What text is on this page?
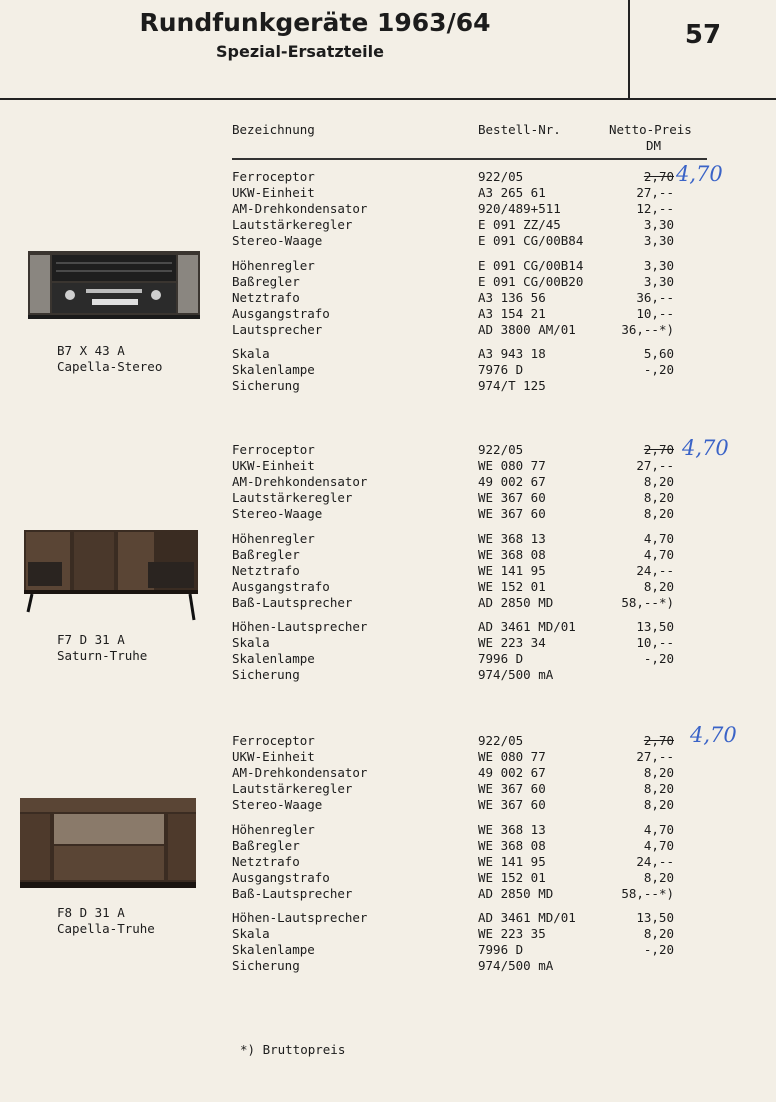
Rundfunkgeräte 1963/64
Spezial-Ersatzteile
57
Bezeichnung	Bestell-Nr.	Netto-Preis
DM
B7 X 43 A
Capella-Stereo
F7 D 31 A
Saturn-Truhe
F8 D 31 A
Capella-Truhe
4,70
4,70
4,70
Ferroceptor	922/05	2,70
UKW-Einheit	A3 265 61	27,--
AM-Drehkondensator	920/489+511	12,--
Lautstärkeregler	E 091 ZZ/45	3,30
Stereo-Waage	E 091 CG/00B84	3,30
Höhenregler	E 091 CG/00B14	3,30
Baßregler	E 091 CG/00B20	3,30
Netztrafo	A3 136 56	36,--
Ausgangstrafo	A3 154 21	10,--
Lautsprecher	AD 3800 AM/01	36,--*)
Skala	A3 943 18	5,60
Skalenlampe	7976 D	-,20
Sicherung	974/T 125
Ferroceptor	922/05	2,70
UKW-Einheit	WE 080 77	27,--
AM-Drehkondensator	49 002 67	8,20
Lautstärkeregler	WE 367 60	8,20
Stereo-Waage	WE 367 60	8,20
Höhenregler	WE 368 13	4,70
Baßregler	WE 368 08	4,70
Netztrafo	WE 141 95	24,--
Ausgangstrafo	WE 152 01	8,20
Baß-Lautsprecher	AD 2850 MD	58,--*)
Höhen-Lautsprecher	AD 3461 MD/01	13,50
Skala	WE 223 34	10,--
Skalenlampe	7996 D	-,20
Sicherung	974/500 mA
Ferroceptor	922/05	2,70
UKW-Einheit	WE 080 77	27,--
AM-Drehkondensator	49 002 67	8,20
Lautstärkeregler	WE 367 60	8,20
Stereo-Waage	WE 367 60	8,20
Höhenregler	WE 368 13	4,70
Baßregler	WE 368 08	4,70
Netztrafo	WE 141 95	24,--
Ausgangstrafo	WE 152 01	8,20
Baß-Lautsprecher	AD 2850 MD	58,--*)
Höhen-Lautsprecher	AD 3461 MD/01	13,50
Skala	WE 223 35	8,20
Skalenlampe	7996 D	-,20
Sicherung	974/500 mA
*) Bruttopreis
